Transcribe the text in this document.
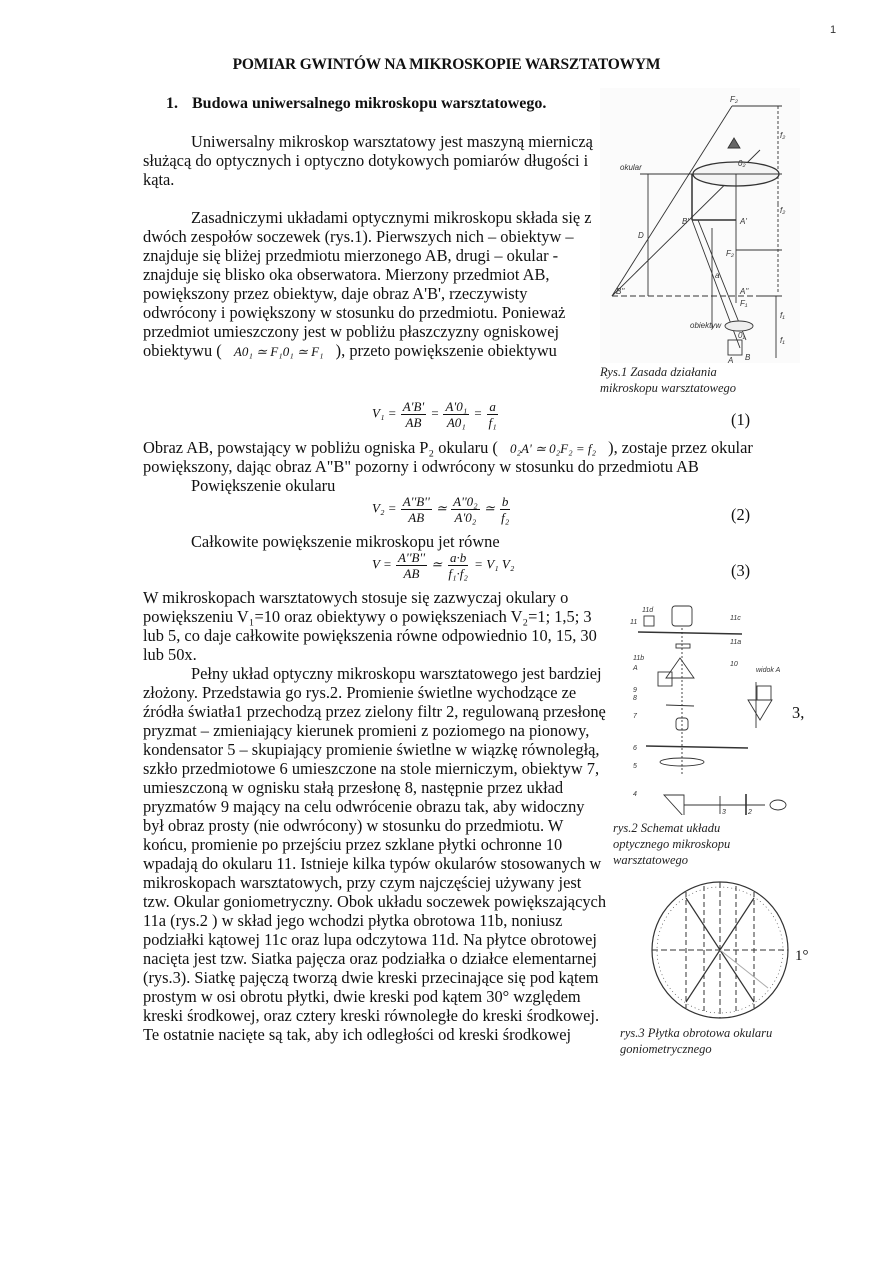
1
POMIAR GWINTÓW NA MIKROSKOPIE WARSZTATOWYM
1. Budowa uniwersalnego mikroskopu warsztatowego.
Uniwersalny mikroskop warsztatowy jest maszyną mierniczą
służącą do optycznych i optyczno dotykowych pomiarów długości i
kąta.
Zasadniczymi układami optycznymi mikroskopu składa się z
dwóch zespołów soczewek (rys.1). Pierwszych nich – obiektyw –
znajduje się bliżej przedmiotu mierzonego AB, drugi – okular -
znajduje się blisko oka obserwatora. Mierzony przedmiot AB,
powiększony przez obiektyw, daje obraz A'B', rzeczywisty
odwrócony i powiększony w stosunku do przedmiotu. Ponieważ
przedmiot umieszczony jest w pobliżu płaszczyzny ogniskowej
obiektywu ( A0₁ ≃ F₁0₁ ≃ F₁ ), przeto powiększenie obiektywu
$V_1 = \frac{A'B'}{AB} = \frac{\text{A'0₁}}{\text{A0₁}} = \frac{a}{\text{f₁}}$	(1)
Obraz AB, powstający w pobliżu ogniska P₂ okularu ( 0₂A' ≃ 0₂F₂ = f₂ ), zostaje przez okular
powiększony, dając obraz A"B" pozorny i odwrócony w stosunku do przedmiotu AB
Powiększenie okularu
$V_2 = \frac{A''B''}{AB}$ ≃ $\frac{\text{A''0₂}}{\text{A'0₂}}$ ≃ $\frac{b}{\text{f₂}}$	(2)
Całkowite powiększenie mikroskopu jet równe
$V = \frac{A''B''}{AB}$ ≃ $\frac{a\cdot b}{\text{f₁·f₂}} = V_1$ V₂	(3)
W mikroskopach warsztatowych stosuje się zazwyczaj okulary o
powiększeniu V₁=10 oraz obiektywy o powiększeniach V₂=1; 1,5; 3
lub 5, co daje całkowite powiększenia równe odpowiednio 10, 15, 30
lub 50x.
Pełny układ optyczny mikroskopu warsztatowego jest bardziej
złożony. Przedstawia go rys.2. Promienie świetlne wychodzące ze
źródła światła1 przechodzą przez zielony filtr 2, regulowaną przesłonę
pryzmat – zmieniający kierunek promieni z poziomego na pionowy,
kondensator 5 – skupiający promienie świetlne w wiązkę równoległą,
szkło przedmiotowe 6 umieszczone na stole mierniczym, obiektyw 7,
umieszczoną w ognisku stałą przesłonę 8, następnie przez układ
pryzmatów 9 mający na celu odwrócenie obrazu tak, aby widoczny
był obraz prosty (nie odwrócony) w stosunku do przedmiotu. W
końcu, promienie po przejściu przez szklane płytki ochronne 10
wpadają do okularu 11. Istnieje kilka typów okularów stosowanych w
mikroskopach warsztatowych, przy czym najczęściej używany jest
tzw. Okular goniometryczny. Obok układu soczewek powiększających
11a (rys.2 ) w skład jego wchodzi płytka obrotowa 11b, noniusz
podziałki kątowej 11c oraz lupa odczytowa 11d. Na płytce obrotowej
nacięta jest tzw. Siatka pajęcza oraz podziałka o działce elementarnej
(rys.3). Siatkę pajęczą tworzą dwie kreski przecinające się pod kątem
prostym w osi obrotu płytki, dwie kreski pod kątem 30° względem
kreski środkowej, oraz cztery kreski równoległe do kreski środkowej.
Te ostatnie nacięte są tak, aby ich odległości od kreski środkowej
3,
okular
obiektyw
B''	A''
A'
B'
A B
a
D
f₂
f₂
f₁
f₁
F₂
F₁
0₁
0₂
F₂
Rys.1 Zasada działania
mikroskopu warsztatowego
11d
11
11c
11a
11b
10
A
9
8
7
6
5
4
3	2
widok A
rys.2 Schemat układu
optycznego mikroskopu
warsztatowego
1°
rys.3 Płytka obrotowa okularu
goniometrycznego
